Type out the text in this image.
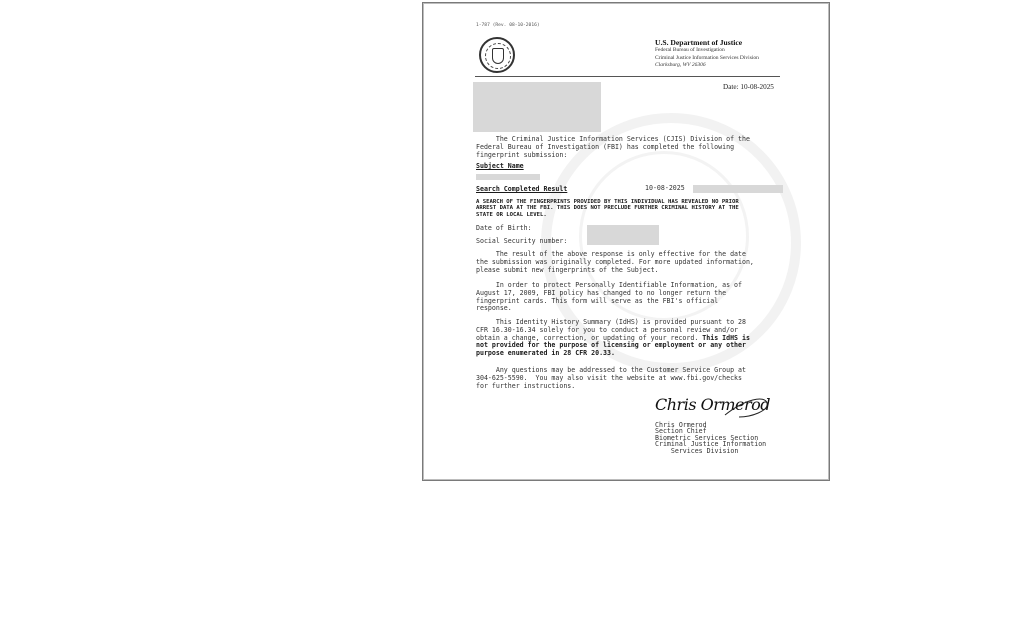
1-787 (Rev. 08-10-2016)
U.S. Department of Justice
Federal Bureau of Investigation
Criminal Justice Information Services Division
Clarksburg, WV 26306
Date: 10-08-2025
The Criminal Justice Information Services (CJIS) Division of the
Federal Bureau of Investigation (FBI) has completed the following
fingerprint submission:
Subject Name
Search Completed Result	10-08-2025
A SEARCH OF THE FINGERPRINTS PROVIDED BY THIS INDIVIDUAL HAS REVEALED NO PRIOR
ARREST DATA AT THE FBI. THIS DOES NOT PRECLUDE FURTHER CRIMINAL HISTORY AT THE
STATE OR LOCAL LEVEL.
Date of Birth:
Social Security number:
The result of the above response is only effective for the date
the submission was originally completed. For more updated information,
please submit new fingerprints of the Subject.
In order to protect Personally Identifiable Information, as of
August 17, 2009, FBI policy has changed to no longer return the
fingerprint cards. This form will serve as the FBI's official
response.
This Identity History Summary (IdHS) is provided pursuant to 28
CFR 16.30-16.34 solely for you to conduct a personal review and/or
obtain a change, correction, or updating of your record. This IdHS is
not provided for the purpose of licensing or employment or any other
purpose enumerated in 28 CFR 20.33.
Any questions may be addressed to the Customer Service Group at
304-625-5590.  You may also visit the website at www.fbi.gov/checks
for further instructions.
Chris Ormerod
Chris Ormerod
Section Chief
Biometric Services Section
Criminal Justice Information
Services Division
